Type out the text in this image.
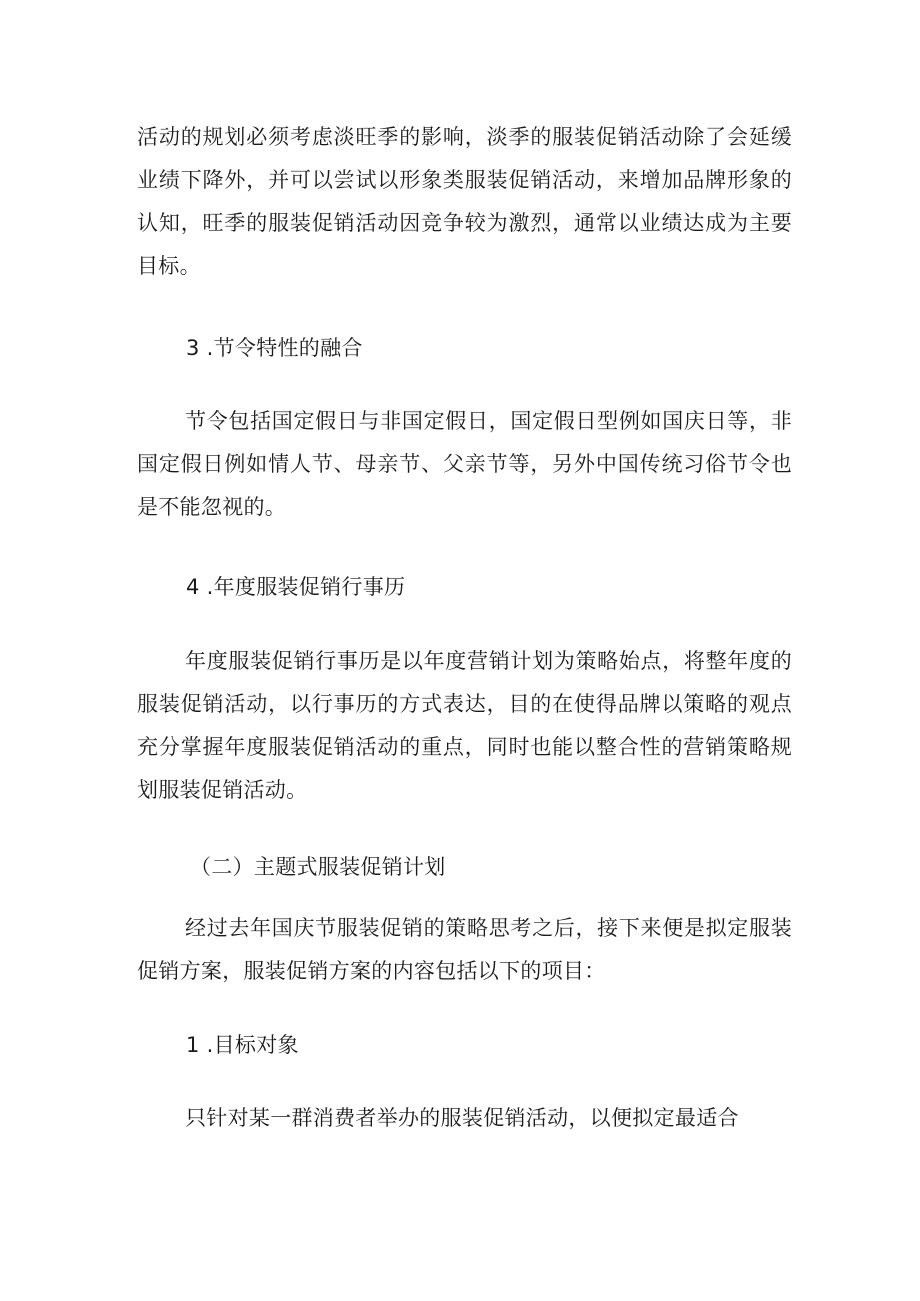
活动的规划必须考虑淡旺季的影响，淡季的服装促销活动除了会延缓业绩下降外，并可以尝试以形象类服装促销活动，来增加品牌形象的认知，旺季的服装促销活动因竞争较为激烈，通常以业绩达成为主要目标。

3 .节令特性的融合

节令包括国定假日与非国定假日，国定假日型例如国庆日等，非国定假日例如情人节、母亲节、父亲节等，另外中国传统习俗节令也是不能忽视的。

4 .年度服装促销行事历

年度服装促销行事历是以年度营销计划为策略始点，将整年度的服装促销活动，以行事历的方式表达，目的在使得品牌以策略的观点充分掌握年度服装促销活动的重点，同时也能以整合性的营销策略规划服装促销活动。

（二）主题式服装促销计划

经过去年国庆节服装促销的策略思考之后，接下来便是拟定服装促销方案，服装促销方案的内容包括以下的项目：

1 .目标对象

只针对某一群消费者举办的服装促销活动，以便拟定最适合
